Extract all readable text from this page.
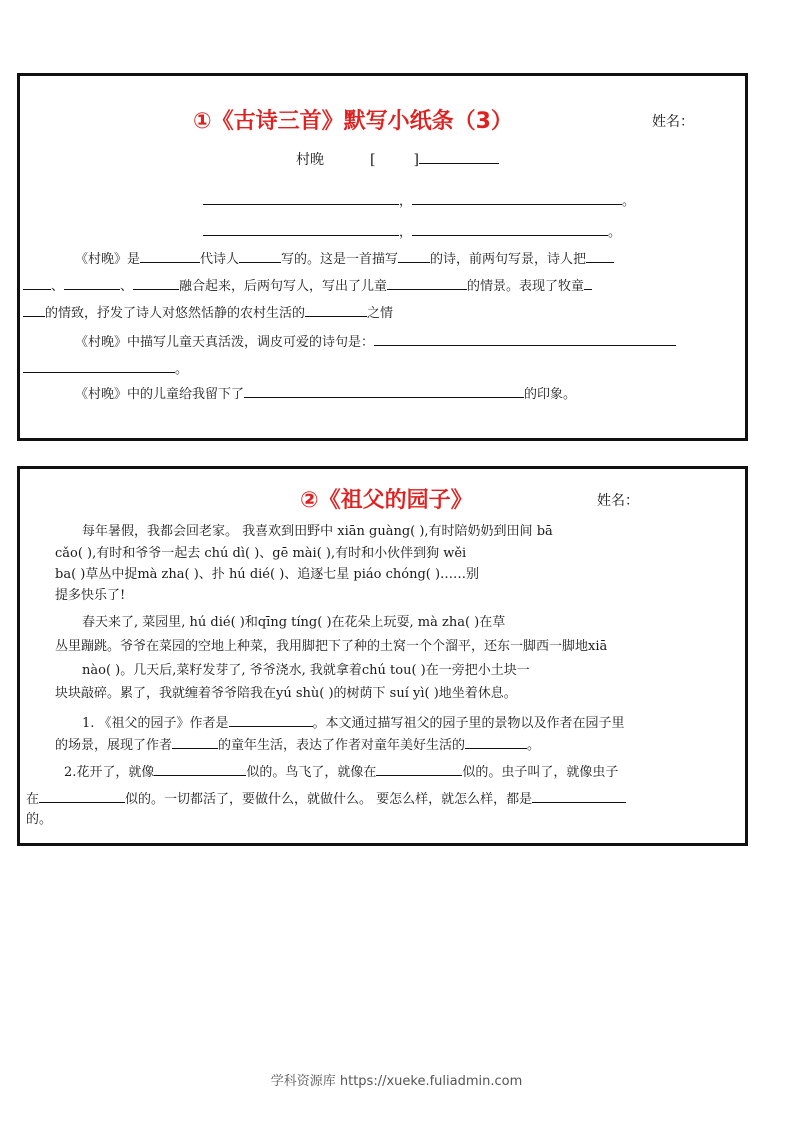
①《古诗三首》默写小纸条（3）	姓名：
村晚	[	]
，	。
，	。
《村晚》是	代诗人	写的。这是一首描写 的诗，前两句写景，诗人把
、	、	融合起来，后两句写人，写出了儿童	的情景。表现了牧童
的情致，抒发了诗人对悠然恬静的农村生活的	之情
《村晚》中描写儿童天真活泼，调皮可爱的诗句是：
。
《村晚》中的儿童给我留下了	的印象。
②《祖父的园子》	姓名：
每年暑假，我都会回老家。 我喜欢到田野中 xiān guàng( ),有时陪奶奶到田间 bā
cǎo( ),有时和爷爷一起去 chú dì( )、gē mài( ),有时和小伙伴到狗 wěi
ba( )草丛中捉mà zha( )、扑 hú dié( )、追逐七星 piáo chóng( )……别
提多快乐了!
春天来了, 菜园里, hú dié( )和qīng tíng( )在花朵上玩耍, mà zha( )在草
丛里蹦跳。爷爷在菜园的空地上种菜，我用脚把下了种的土窝一个个溜平，还东一脚西一脚地xiā
nào( )。几天后,菜籽发芽了, 爷爷浇水, 我就拿着chú tou( )在一旁把小土块一
块块敲碎。累了，我就缠着爷爷陪我在yú shù( )的树荫下 suí yì( )地坐着休息。
1. 《祖父的园子》作者是	。本文通过描写祖父的园子里的景物以及作者在园子里
的场景，展现了作者	的童年生活，表达了作者对童年美好生活的	。
2.花开了，就像	似的。鸟飞了，就像在	似的。虫子叫了，就像虫子
在	似的。一切都活了，要做什么，就做什么。 要怎么样，就怎么样，都是
的。
学科资源库 https://xueke.fuliadmin.com
